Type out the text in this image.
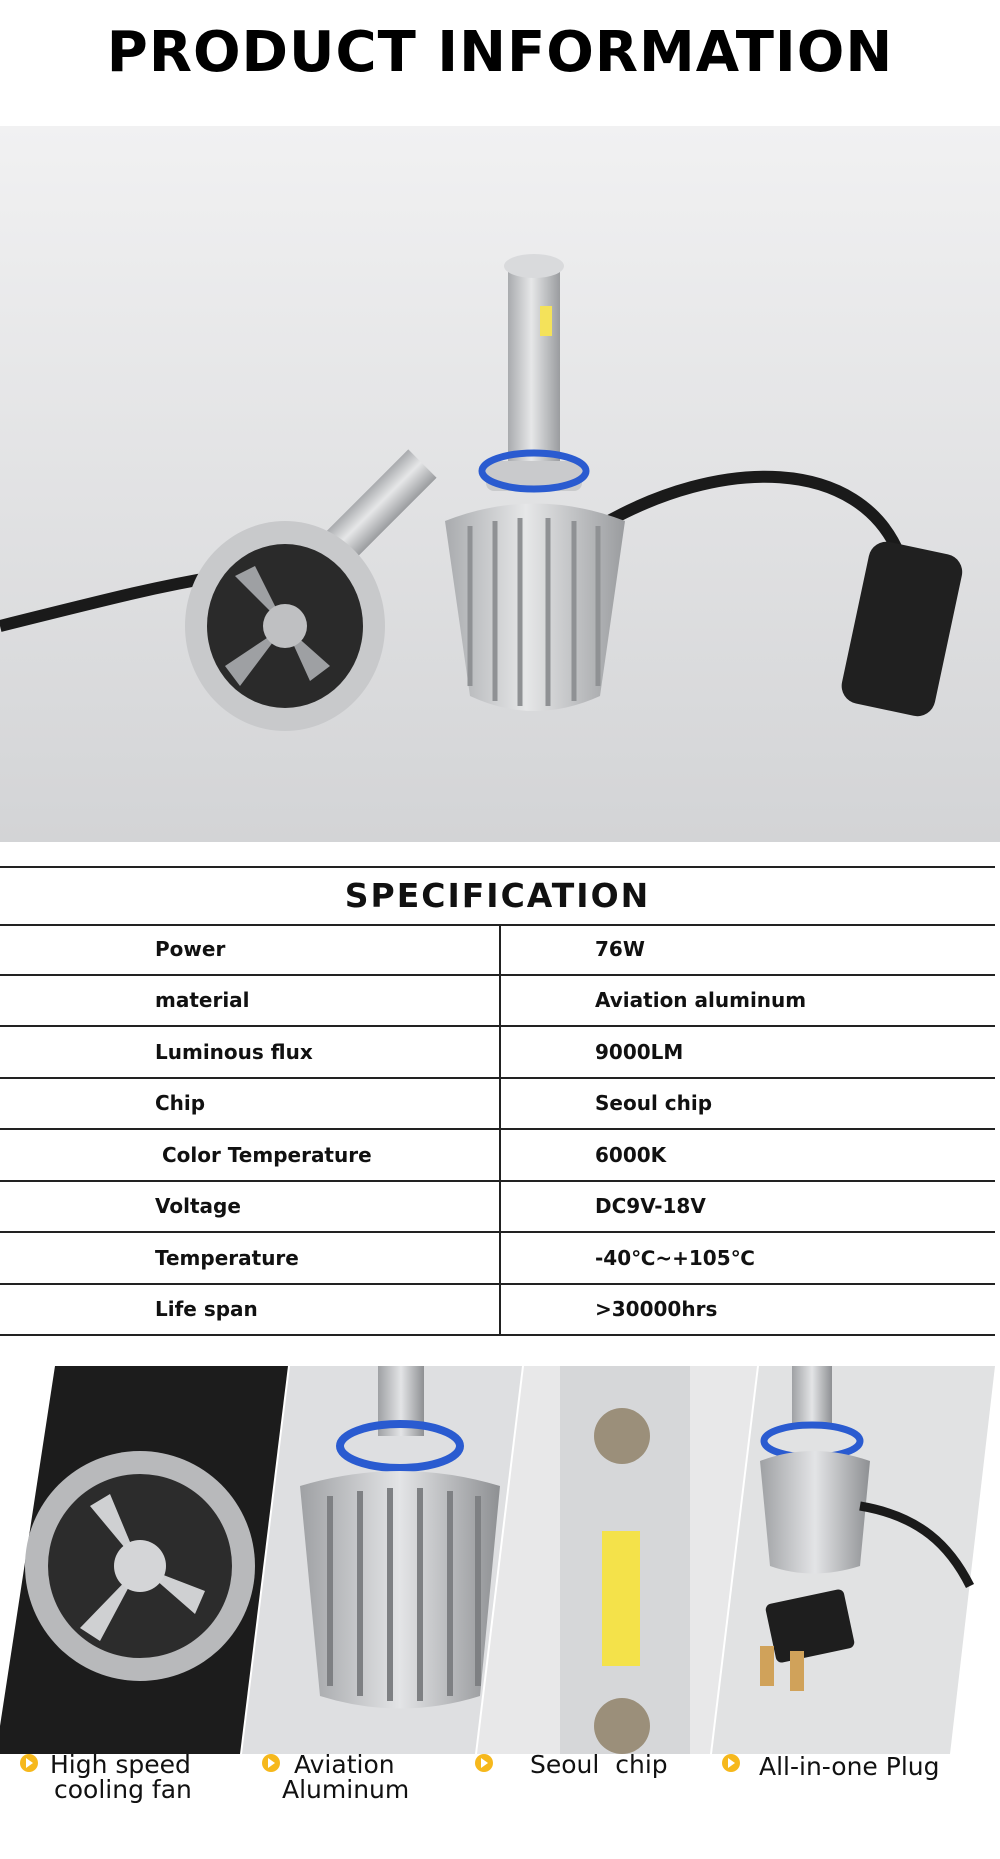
PRODUCT INFORMATION
SPECIFICATION
Power	76W
material	Aviation aluminum
Luminous flux	9000LM
Chip	Seoul chip
Color Temperature	6000K
Voltage	DC9V-18V
Temperature	-40℃~+105℃
Life span	>30000hrs
High speed
cooling fan
Aviation
Aluminum
Seoul  chip	All-in-one Plug
